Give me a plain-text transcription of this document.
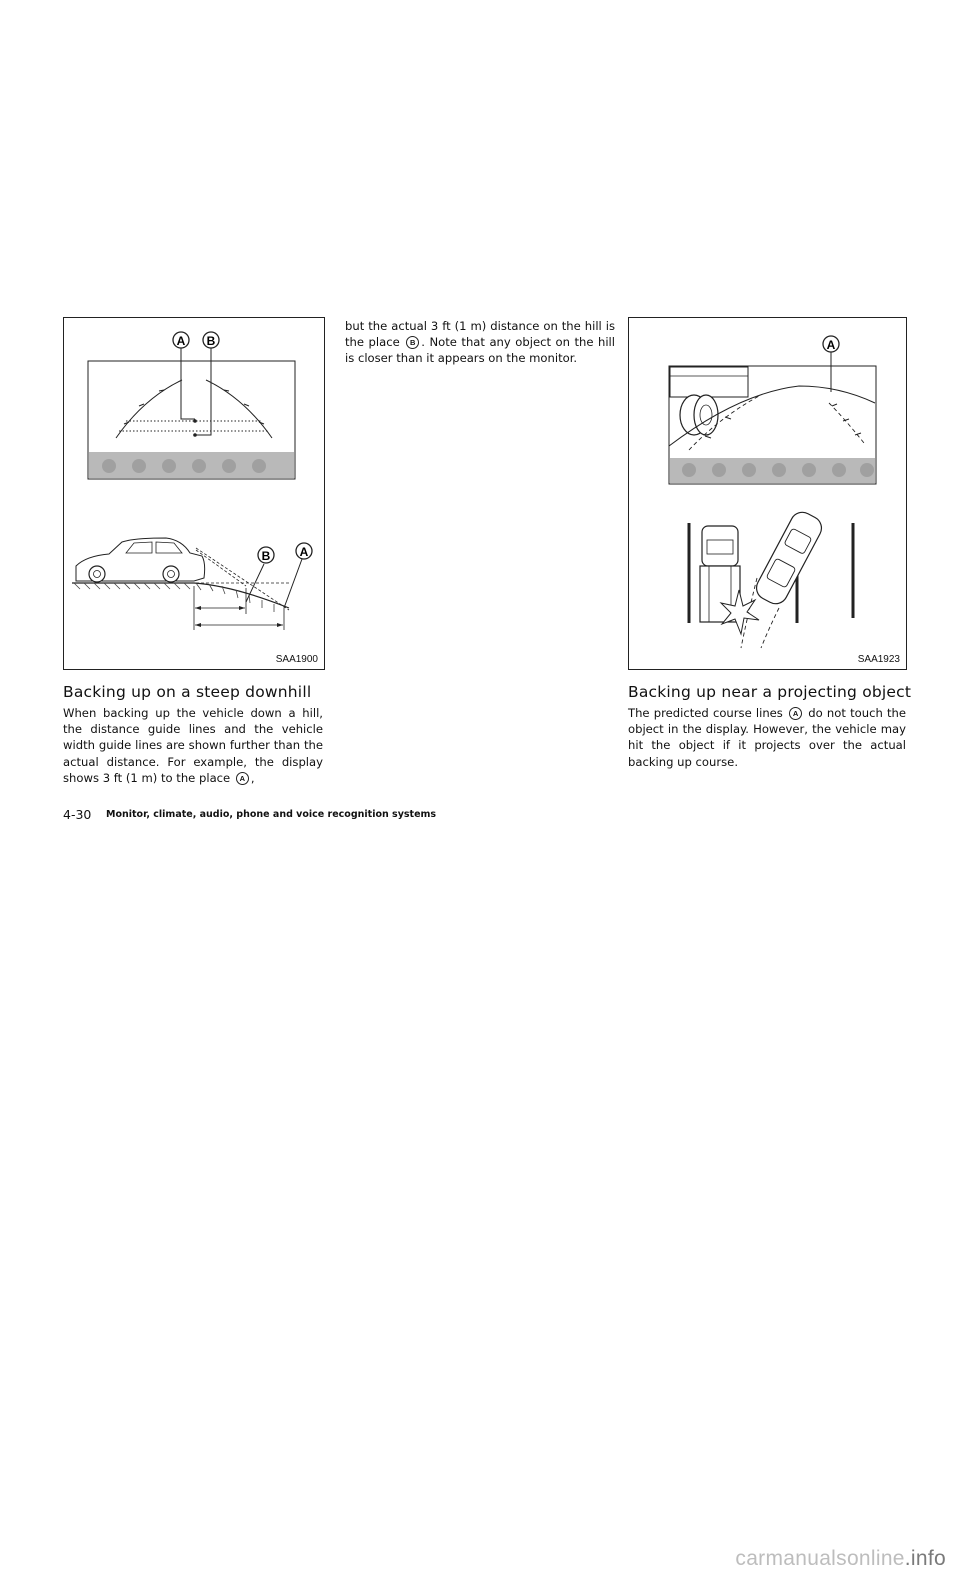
A B
B A
SAA1900
A
SAA1923
Backing up on a steep downhill

When backing up the vehicle down a hill, the distance guide lines and the vehicle width guide lines are shown further than the actual distance. For example, the display shows 3 ft (1 m) to the place A ,

but the actual 3 ft (1 m) distance on the hill is the place B . Note that any object on the hill is closer than it appears on the monitor.

Backing up near a projecting object

The predicted course lines A do not touch the object in the display. However, the vehicle may hit the object if it projects over the actual backing up course.

4-30 Monitor, climate, audio, phone and voice recognition systems
carmanualsonline.info
